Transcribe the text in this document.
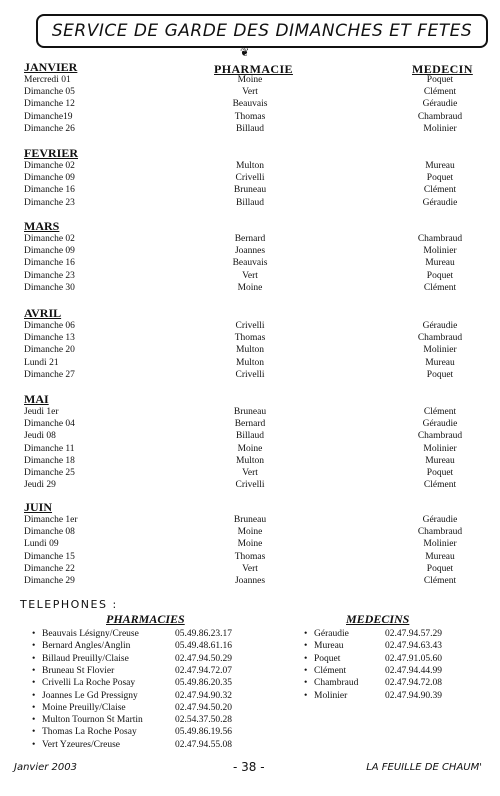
SERVICE DE GARDE DES DIMANCHES ET FETES
❦
PHARMACIE	MEDECIN
JANVIER
Mercredi 01	Moine	Poquet
Dimanche 05	Vert	Clément
Dimanche 12	Beauvais	Géraudie
Dimanche19	Thomas	Chambraud
Dimanche 26	Billaud	Molinier
FEVRIER
Dimanche 02	Multon	Mureau
Dimanche 09	Crivelli	Poquet
Dimanche 16	Bruneau	Clément
Dimanche 23	Billaud	Géraudie
MARS
Dimanche 02	Bernard	Chambraud
Dimanche 09	Joannes	Molinier
Dimanche 16	Beauvais	Mureau
Dimanche 23	Vert	Poquet
Dimanche 30	Moine	Clément
AVRIL
Dimanche 06	Crivelli	Géraudie
Dimanche 13	Thomas	Chambraud
Dimanche 20	Multon	Molinier
Lundi 21	Multon	Mureau
Dimanche 27	Crivelli	Poquet
MAI
Jeudi 1er	Bruneau	Clément
Dimanche 04	Bernard	Géraudie
Jeudi 08	Billaud	Chambraud
Dimanche 11	Moine	Molinier
Dimanche 18	Multon	Mureau
Dimanche 25	Vert	Poquet
Jeudi 29	Crivelli	Clément
JUIN
Dimanche 1er	Bruneau	Géraudie
Dimanche 08	Moine	Chambraud
Lundi 09	Moine	Molinier
Dimanche 15	Thomas	Mureau
Dimanche 22	Vert	Poquet
Dimanche 29	Joannes	Clément
TELEPHONES :
PHARMACIES	MEDECINS
• Beauvais Lésigny/Creuse	05.49.86.23.17
• Bernard Angles/Anglin	05.49.48.61.16
• Billaud Preuilly/Claise	02.47.94.50.29
• Bruneau St Flovier	02.47.94.72.07
• Crivelli La Roche Posay	05.49.86.20.35
• Joannes Le Gd Pressigny	02.47.94.90.32
• Moine Preuilly/Claise	02.47.94.50.20
• Multon Tournon St Martin	02.54.37.50.28
• Thomas La Roche Posay	05.49.86.19.56
• Vert Yzeures/Creuse	02.47.94.55.08
• Géraudie	02.47.94.57.29
• Mureau	02.47.94.63.43
• Poquet	02.47.91.05.60
• Clément	02.47.94.44.99
• Chambraud	02.47.94.72.08
• Molinier	02.47.94.90.39
Janvier 2003	- 38 -	LA FEUILLE DE CHAUM'
